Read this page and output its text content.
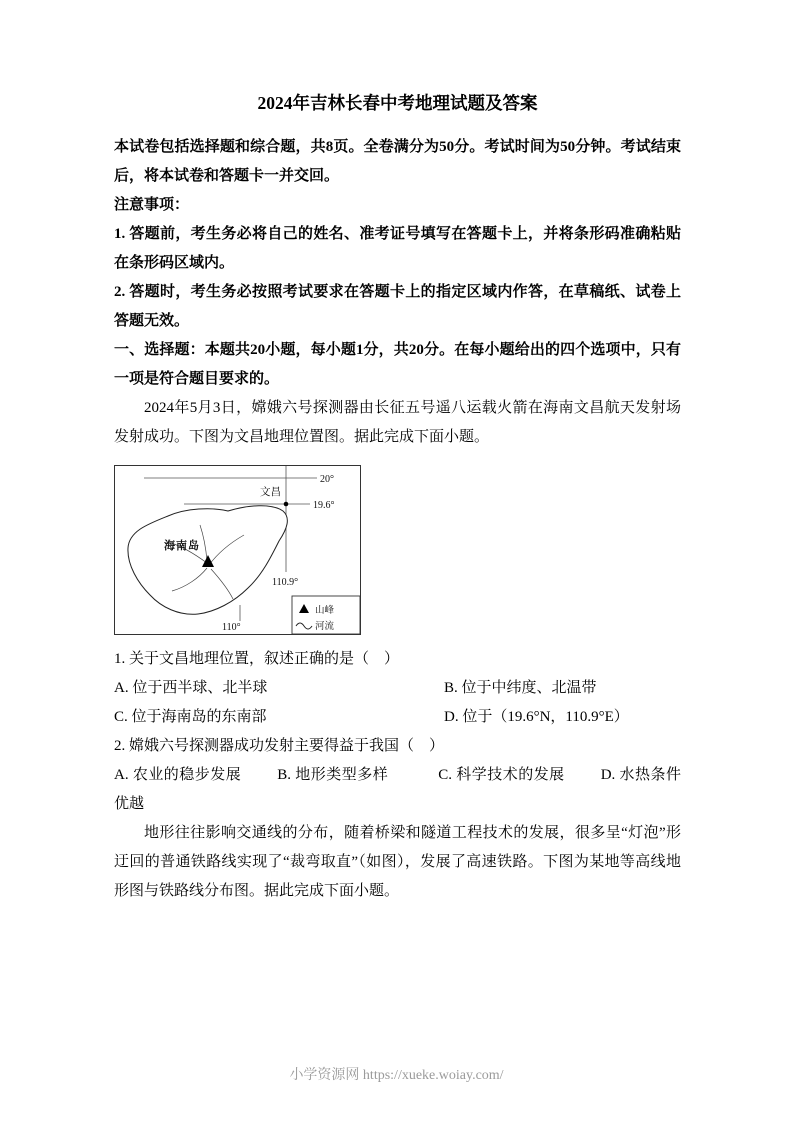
2024年吉林长春中考地理试题及答案

本试卷包括选择题和综合题，共8页。全卷满分为50分。考试时间为50分钟。考试结束后，将本试卷和答题卡一并交回。

注意事项：

1. 答题前，考生务必将自己的姓名、准考证号填写在答题卡上，并将条形码准确粘贴在条形码区域内。

2. 答题时，考生务必按照考试要求在答题卡上的指定区域内作答，在草稿纸、试卷上答题无效。

一、选择题：本题共20小题，每小题1分，共20分。在每小题给出的四个选项中，只有一项是符合题目要求的。

2024年5月3日，嫦娥六号探测器由长征五号遥八运载火箭在海南文昌航天发射场发射成功。下图为文昌地理位置图。据此完成下面小题。

20°
19.6°
110.9°
110°
海南岛
文昌
山峰
河流

1. 关于文昌地理位置，叙述正确的是（　）

A. 位于西半球、北半球	B. 位于中纬度、北温带
C. 位于海南岛的东南部	D. 位于（19.6°N，110.9°E）

2. 嫦娥六号探测器成功发射主要得益于我国（　）

A. 农业的稳步发展 B. 地形类型多样	C. 科学技术的发展 D. 水热条件优越

地形往往影响交通线的分布，随着桥梁和隧道工程技术的发展，很多呈“灯泡”形迂回的普通铁路线实现了“裁弯取直”（如图），发展了高速铁路。下图为某地等高线地形图与铁路线分布图。据此完成下面小题。

小学资源网 https://xueke.woiay.com/
